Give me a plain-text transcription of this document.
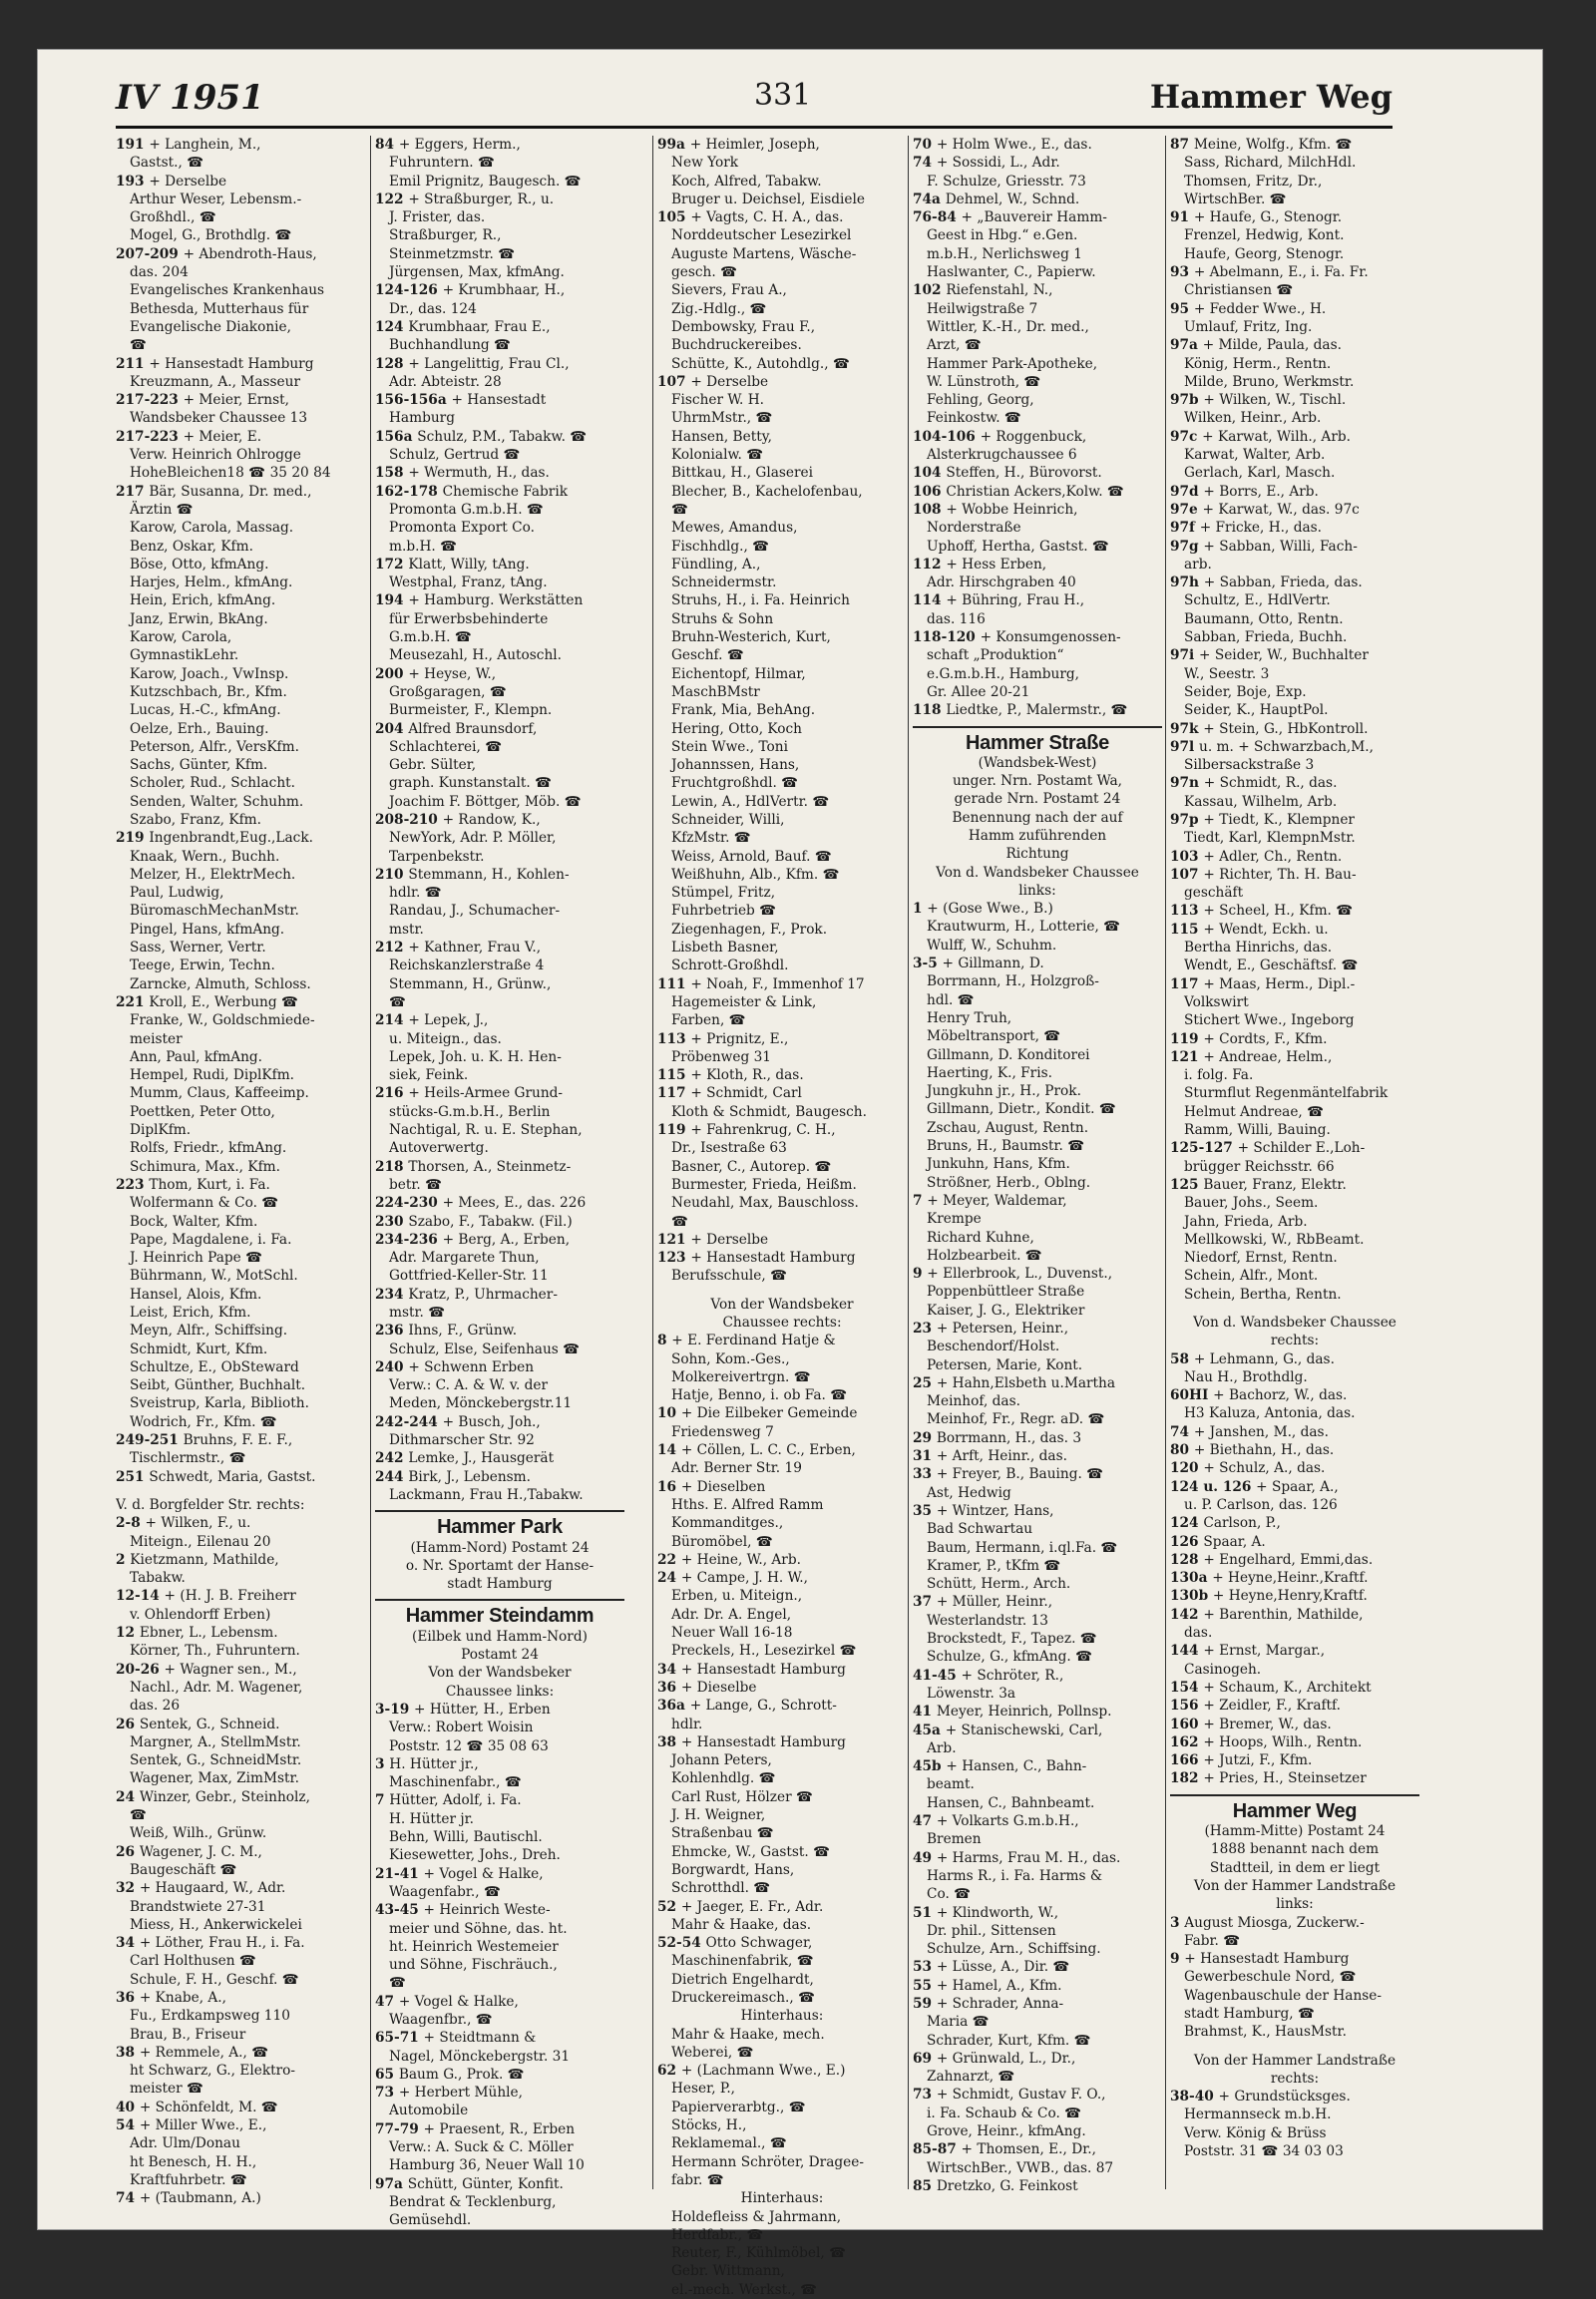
IV 1951	331	Hammer Weg
191 + Langhein, M.,
Gastst., ☎
193 + Derselbe
Arthur Weser, Lebensm.-
Großhdl., ☎
Mogel, G., Brothdlg. ☎
207-209 + Abendroth-Haus,
das. 204
Evangelisches Krankenhaus
Bethesda, Mutterhaus für
Evangelische Diakonie,
☎
211 + Hansestadt Hamburg
Kreuzmann, A., Masseur
217-223 + Meier, Ernst,
Wandsbeker Chaussee 13
217-223 + Meier, E.
Verw. Heinrich Ohlrogge
HoheBleichen18 ☎ 35 20 84
217 Bär, Susanna, Dr. med.,
Ärztin ☎
Karow, Carola, Massag.
Benz, Oskar, Kfm.
Böse, Otto, kfmAng.
Harjes, Helm., kfmAng.
Hein, Erich, kfmAng.
Janz, Erwin, BkAng.
Karow, Carola,
GymnastikLehr.
Karow, Joach., VwInsp.
Kutzschbach, Br., Kfm.
Lucas, H.-C., kfmAng.
Oelze, Erh., Bauing.
Peterson, Alfr., VersKfm.
Sachs, Günter, Kfm.
Scholer, Rud., Schlacht.
Senden, Walter, Schuhm.
Szabo, Franz, Kfm.
219 Ingenbrandt,Eug.,Lack.
Knaak, Wern., Buchh.
Melzer, H., ElektrMech.
Paul, Ludwig,
BüromaschMechanMstr.
Pingel, Hans, kfmAng.
Sass, Werner, Vertr.
Teege, Erwin, Techn.
Zarncke, Almuth, Schloss.
221 Kroll, E., Werbung ☎
Franke, W., Goldschmiede-
meister
Ann, Paul, kfmAng.
Hempel, Rudi, DiplKfm.
Mumm, Claus, Kaffeeimp.
Poettken, Peter Otto,
DiplKfm.
Rolfs, Friedr., kfmAng.
Schimura, Max., Kfm.
223 Thom, Kurt, i. Fa.
Wolfermann & Co. ☎
Bock, Walter, Kfm.
Pape, Magdalene, i. Fa.
J. Heinrich Pape ☎
Bührmann, W., MotSchl.
Hansel, Alois, Kfm.
Leist, Erich, Kfm.
Meyn, Alfr., Schiffsing.
Schmidt, Kurt, Kfm.
Schultze, E., ObSteward
Seibt, Günther, Buchhalt.
Sveistrup, Karla, Biblioth.
Wodrich, Fr., Kfm. ☎
249-251 Bruhns, F. E. F.,
Tischlermstr., ☎
251 Schwedt, Maria, Gastst.
V. d. Borgfelder Str. rechts:
2-8 + Wilken, F., u.
Miteign., Eilenau 20
2 Kietzmann, Mathilde,
Tabakw.
12-14 + (H. J. B. Freiherr
v. Ohlendorff Erben)
12 Ebner, L., Lebensm.
Körner, Th., Fuhruntern.
20-26 + Wagner sen., M.,
Nachl., Adr. M. Wagener,
das. 26
26 Sentek, G., Schneid.
Margner, A., StellmMstr.
Sentek, G., SchneidMstr.
Wagener, Max, ZimMstr.
24 Winzer, Gebr., Steinholz,
☎
Weiß, Wilh., Grünw.
26 Wagener, J. C. M.,
Baugeschäft ☎
32 + Haugaard, W., Adr.
Brandstwiete 27-31
Miess, H., Ankerwickelei
34 + Löther, Frau H., i. Fa.
Carl Holthusen ☎
Schule, F. H., Geschf. ☎
36 + Knabe, A.,
Fu., Erdkampsweg 110
Brau, B., Friseur
38 + Remmele, A., ☎
ht Schwarz, G., Elektro-
meister ☎
40 + Schönfeldt, M. ☎
54 + Miller Wwe., E.,
Adr. Ulm/Donau
ht Benesch, H. H.,
Kraftfuhrbetr. ☎
74 + (Taubmann, A.)
84 + Eggers, Herm.,
Fuhruntern. ☎
Emil Prignitz, Baugesch. ☎
122 + Straßburger, R., u.
J. Frister, das.
Straßburger, R.,
Steinmetzmstr. ☎
Jürgensen, Max, kfmAng.
124-126 + Krumbhaar, H.,
Dr., das. 124
124 Krumbhaar, Frau E.,
Buchhandlung ☎
128 + Langelittig, Frau Cl.,
Adr. Abteistr. 28
156-156a + Hansestadt
Hamburg
156a Schulz, P.M., Tabakw. ☎
Schulz, Gertrud ☎
158 + Wermuth, H., das.
162-178 Chemische Fabrik
Promonta G.m.b.H. ☎
Promonta Export Co.
m.b.H. ☎
172 Klatt, Willy, tAng.
Westphal, Franz, tAng.
194 + Hamburg. Werkstätten
für Erwerbsbehinderte
G.m.b.H. ☎
Meusezahl, H., Autoschl.
200 + Heyse, W.,
Großgaragen, ☎
Burmeister, F., Klempn.
204 Alfred Braunsdorf,
Schlachterei, ☎
Gebr. Sülter,
graph. Kunstanstalt. ☎
Joachim F. Böttger, Möb. ☎
208-210 + Randow, K.,
NewYork, Adr. P. Möller,
Tarpenbekstr.
210 Stemmann, H., Kohlen-
hdlr. ☎
Randau, J., Schumacher-
mstr.
212 + Kathner, Frau V.,
Reichskanzlerstraße 4
Stemmann, H., Grünw.,
☎
214 + Lepek, J.,
u. Miteign., das.
Lepek, Joh. u. K. H. Hen-
siek, Feink.
216 + Heils-Armee Grund-
stücks-G.m.b.H., Berlin
Nachtigal, R. u. E. Stephan,
Autoverwertg.
218 Thorsen, A., Steinmetz-
betr. ☎
224-230 + Mees, E., das. 226
230 Szabo, F., Tabakw. (Fil.)
234-236 + Berg, A., Erben,
Adr. Margarete Thun,
Gottfried-Keller-Str. 11
234 Kratz, P., Uhrmacher-
mstr. ☎
236 Ihns, F., Grünw.
Schulz, Else, Seifenhaus ☎
240 + Schwenn Erben
Verw.: C. A. & W. v. der
Meden, Mönckebergstr.11
242-244 + Busch, Joh.,
Dithmarscher Str. 92
242 Lemke, J., Hausgerät
244 Birk, J., Lebensm.
Lackmann, Frau H.,Tabakw.
Hammer Park
(Hamm-Nord) Postamt 24
o. Nr. Sportamt der Hanse-
stadt Hamburg
Hammer Steindamm
(Eilbek und Hamm-Nord)
Postamt 24
Von der Wandsbeker
Chaussee links:
3-19 + Hütter, H., Erben
Verw.: Robert Woisin
Poststr. 12 ☎ 35 08 63
3 H. Hütter jr.,
Maschinenfabr., ☎
7 Hütter, Adolf, i. Fa.
H. Hütter jr.
Behn, Willi, Bautischl.
Kiesewetter, Johs., Dreh.
21-41 + Vogel & Halke,
Waagenfabr., ☎
43-45 + Heinrich Weste-
meier und Söhne, das. ht.
ht. Heinrich Westemeier
und Söhne, Fischräuch.,
☎
47 + Vogel & Halke,
Waagenfbr., ☎
65-71 + Steidtmann &
Nagel, Mönckebergstr. 31
65 Baum G., Prok. ☎
73 + Herbert Mühle,
Automobile
77-79 + Praesent, R., Erben
Verw.: A. Suck & C. Möller
Hamburg 36, Neuer Wall 10
97a Schütt, Günter, Konfit.
Bendrat & Tecklenburg,
Gemüsehdl.
99a + Heimler, Joseph,
New York
Koch, Alfred, Tabakw.
Bruger u. Deichsel, Eisdiele
105 + Vagts, C. H. A., das.
Norddeutscher Lesezirkel
Auguste Martens, Wäsche-
gesch. ☎
Sievers, Frau A.,
Zig.-Hdlg., ☎
Dembowsky, Frau F.,
Buchdruckereibes.
Schütte, K., Autohdlg., ☎
107 + Derselbe
Fischer W. H.
UhrmMstr., ☎
Hansen, Betty,
Kolonialw. ☎
Bittkau, H., Glaserei
Blecher, B., Kachelofenbau,
☎
Mewes, Amandus,
Fischhdlg., ☎
Fündling, A.,
Schneidermstr.
Struhs, H., i. Fa. Heinrich
Struhs & Sohn
Bruhn-Westerich, Kurt,
Geschf. ☎
Eichentopf, Hilmar,
MaschBMstr
Frank, Mia, BehAng.
Hering, Otto, Koch
Stein Wwe., Toni
Johannssen, Hans,
Fruchtgroßhdl. ☎
Lewin, A., HdlVertr. ☎
Schneider, Willi,
KfzMstr. ☎
Weiss, Arnold, Bauf. ☎
Weißhuhn, Alb., Kfm. ☎
Stümpel, Fritz,
Fuhrbetrieb ☎
Ziegenhagen, F., Prok.
Lisbeth Basner,
Schrott-Großhdl.
111 + Noah, F., Immenhof 17
Hagemeister & Link,
Farben, ☎
113 + Prignitz, E.,
Pröbenweg 31
115 + Kloth, R., das.
117 + Schmidt, Carl
Kloth & Schmidt, Baugesch.
119 + Fahrenkrug, C. H.,
Dr., Isestraße 63
Basner, C., Autorep. ☎
Burmester, Frieda, Heißm.
Neudahl, Max, Bauschloss.
☎
121 + Derselbe
123 + Hansestadt Hamburg
Berufsschule, ☎
Von der Wandsbeker
Chaussee rechts:
8 + E. Ferdinand Hatje &
Sohn, Kom.-Ges.,
Molkereivertrgn. ☎
Hatje, Benno, i. ob Fa. ☎
10 + Die Eilbeker Gemeinde
Friedensweg 7
14 + Cöllen, L. C. C., Erben,
Adr. Berner Str. 19
16 + Dieselben
Hths. E. Alfred Ramm
Kommanditges.,
Büromöbel, ☎
22 + Heine, W., Arb.
24 + Campe, J. H. W.,
Erben, u. Miteign.,
Adr. Dr. A. Engel,
Neuer Wall 16-18
Preckels, H., Lesezirkel ☎
34 + Hansestadt Hamburg
36 + Dieselbe
36a + Lange, G., Schrott-
hdlr.
38 + Hansestadt Hamburg
Johann Peters,
Kohlenhdlg. ☎
Carl Rust, Hölzer ☎
J. H. Weigner,
Straßenbau ☎
Ehmcke, W., Gastst. ☎
Borgwardt, Hans,
Schrotthdl. ☎
52 + Jaeger, E. Fr., Adr.
Mahr & Haake, das.
52-54 Otto Schwager,
Maschinenfabrik, ☎
Dietrich Engelhardt,
Druckereimasch., ☎
Hinterhaus:
Mahr & Haake, mech.
Weberei, ☎
62 + (Lachmann Wwe., E.)
Heser, P.,
Papierverarbtg., ☎
Stöcks, H.,
Reklamemal., ☎
Hermann Schröter, Dragee-
fabr. ☎
Hinterhaus:
Holdefleiss & Jahrmann,
Herdfabr., ☎
Reuter, F., Kühlmöbel, ☎
Gebr. Wittmann,
el.-mech. Werkst., ☎
70 + Holm Wwe., E., das.
74 + Sossidi, L., Adr.
F. Schulze, Griesstr. 73
74a Dehmel, W., Schnd.
76-84 + „Bauvereir Hamm-
Geest in Hbg.“ e.Gen.
m.b.H., Nerlichsweg 1
Haslwanter, C., Papierw.
102 Riefenstahl, N.,
Heilwigstraße 7
Wittler, K.-H., Dr. med.,
Arzt, ☎
Hammer Park-Apotheke,
W. Lünstroth, ☎
Fehling, Georg,
Feinkostw. ☎
104-106 + Roggenbuck,
Alsterkrugchaussee 6
104 Steffen, H., Bürovorst.
106 Christian Ackers,Kolw. ☎
108 + Wobbe Heinrich,
Norderstraße
Uphoff, Hertha, Gastst. ☎
112 + Hess Erben,
Adr. Hirschgraben 40
114 + Bühring, Frau H.,
das. 116
118-120 + Konsumgenossen-
schaft „Produktion“
e.G.m.b.H., Hamburg,
Gr. Allee 20-21
118 Liedtke, P., Malermstr., ☎
Hammer Straße
(Wandsbek-West)
unger. Nrn. Postamt Wa,
gerade Nrn. Postamt 24
Benennung nach der auf
Hamm zuführenden
Richtung
Von d. Wandsbeker Chaussee
links:
1 + (Gose Wwe., B.)
Krautwurm, H., Lotterie, ☎
Wulff, W., Schuhm.
3-5 + Gillmann, D.
Borrmann, H., Holzgroß-
hdl. ☎
Henry Truh,
Möbeltransport, ☎
Gillmann, D. Konditorei
Haerting, K., Fris.
Jungkuhn jr., H., Prok.
Gillmann, Dietr., Kondit. ☎
Zschau, August, Rentn.
Bruns, H., Baumstr. ☎
Junkuhn, Hans, Kfm.
Strößner, Herb., Oblng.
7 + Meyer, Waldemar,
Krempe
Richard Kuhne,
Holzbearbeit. ☎
9 + Ellerbrook, L., Duvenst.,
Poppenbüttleer Straße
Kaiser, J. G., Elektriker
23 + Petersen, Heinr.,
Beschendorf/Holst.
Petersen, Marie, Kont.
25 + Hahn,Elsbeth u.Martha
Meinhof, das.
Meinhof, Fr., Regr. aD. ☎
29 Borrmann, H., das. 3
31 + Arft, Heinr., das.
33 + Freyer, B., Bauing. ☎
Ast, Hedwig
35 + Wintzer, Hans,
Bad Schwartau
Baum, Hermann, i.ql.Fa. ☎
Kramer, P., tKfm ☎
Schütt, Herm., Arch.
37 + Müller, Heinr.,
Westerlandstr. 13
Brockstedt, F., Tapez. ☎
Schulze, G., kfmAng. ☎
41-45 + Schröter, R.,
Löwenstr. 3a
41 Meyer, Heinrich, Pollnsp.
45a + Stanischewski, Carl,
Arb.
45b + Hansen, C., Bahn-
beamt.
Hansen, C., Bahnbeamt.
47 + Volkarts G.m.b.H.,
Bremen
49 + Harms, Frau M. H., das.
Harms R., i. Fa. Harms &
Co. ☎
51 + Klindworth, W.,
Dr. phil., Sittensen
Schulze, Arn., Schiffsing.
53 + Lüsse, A., Dir. ☎
55 + Hamel, A., Kfm.
59 + Schrader, Anna-
Maria ☎
Schrader, Kurt, Kfm. ☎
69 + Grünwald, L., Dr.,
Zahnarzt, ☎
73 + Schmidt, Gustav F. O.,
i. Fa. Schaub & Co. ☎
Grove, Heinr., kfmAng.
85-87 + Thomsen, E., Dr.,
WirtschBer., VWB., das. 87
85 Dretzko, G. Feinkost
87 Meine, Wolfg., Kfm. ☎
Sass, Richard, MilchHdl.
Thomsen, Fritz, Dr.,
WirtschBer. ☎
91 + Haufe, G., Stenogr.
Frenzel, Hedwig, Kont.
Haufe, Georg, Stenogr.
93 + Abelmann, E., i. Fa. Fr.
Christiansen ☎
95 + Fedder Wwe., H.
Umlauf, Fritz, Ing.
97a + Milde, Paula, das.
König, Herm., Rentn.
Milde, Bruno, Werkmstr.
97b + Wilken, W., Tischl.
Wilken, Heinr., Arb.
97c + Karwat, Wilh., Arb.
Karwat, Walter, Arb.
Gerlach, Karl, Masch.
97d + Borrs, E., Arb.
97e + Karwat, W., das. 97c
97f + Fricke, H., das.
97g + Sabban, Willi, Fach-
arb.
97h + Sabban, Frieda, das.
Schultz, E., HdlVertr.
Baumann, Otto, Rentn.
Sabban, Frieda, Buchh.
97i + Seider, W., Buchhalter
W., Seestr. 3
Seider, Boje, Exp.
Seider, K., HauptPol.
97k + Stein, G., HbKontroll.
97l u. m. + Schwarzbach,M.,
Silbersackstraße 3
97n + Schmidt, R., das.
Kassau, Wilhelm, Arb.
97p + Tiedt, K., Klempner
Tiedt, Karl, KlempnMstr.
103 + Adler, Ch., Rentn.
107 + Richter, Th. H. Bau-
geschäft
113 + Scheel, H., Kfm. ☎
115 + Wendt, Eckh. u.
Bertha Hinrichs, das.
Wendt, E., Geschäftsf. ☎
117 + Maas, Herm., Dipl.-
Volkswirt
Stichert Wwe., Ingeborg
119 + Cordts, F., Kfm.
121 + Andreae, Helm.,
i. folg. Fa.
Sturmflut Regenmäntelfabrik
Helmut Andreae, ☎
Ramm, Willi, Bauing.
125-127 + Schilder E.,Loh-
brügger Reichsstr. 66
125 Bauer, Franz, Elektr.
Bauer, Johs., Seem.
Jahn, Frieda, Arb.
Mellkowski, W., RbBeamt.
Niedorf, Ernst, Rentn.
Schein, Alfr., Mont.
Schein, Bertha, Rentn.
Von d. Wandsbeker Chaussee
rechts:
58 + Lehmann, G., das.
Nau H., Brothdlg.
60HI + Bachorz, W., das.
H3 Kaluza, Antonia, das.
74 + Janshen, M., das.
80 + Biethahn, H., das.
120 + Schulz, A., das.
124 u. 126 + Spaar, A.,
u. P. Carlson, das. 126
124 Carlson, P.,
126 Spaar, A.
128 + Engelhard, Emmi,das.
130a + Heyne,Heinr.,Kraftf.
130b + Heyne,Henry,Kraftf.
142 + Barenthin, Mathilde,
das.
144 + Ernst, Margar.,
Casinogeh.
154 + Schaum, K., Architekt
156 + Zeidler, F., Kraftf.
160 + Bremer, W., das.
162 + Hoops, Wilh., Rentn.
166 + Jutzi, F., Kfm.
182 + Pries, H., Steinsetzer
Hammer Weg
(Hamm-Mitte) Postamt 24
1888 benannt nach dem
Stadtteil, in dem er liegt
Von der Hammer Landstraße
links:
3 August Miosga, Zuckerw.-
Fabr. ☎
9 + Hansestadt Hamburg
Gewerbeschule Nord, ☎
Wagenbauschule der Hanse-
stadt Hamburg, ☎
Brahmst, K., HausMstr.
Von der Hammer Landstraße
rechts:
38-40 + Grundstücksges.
Hermannseck m.b.H.
Verw. König & Brüss
Poststr. 31 ☎ 34 03 03
